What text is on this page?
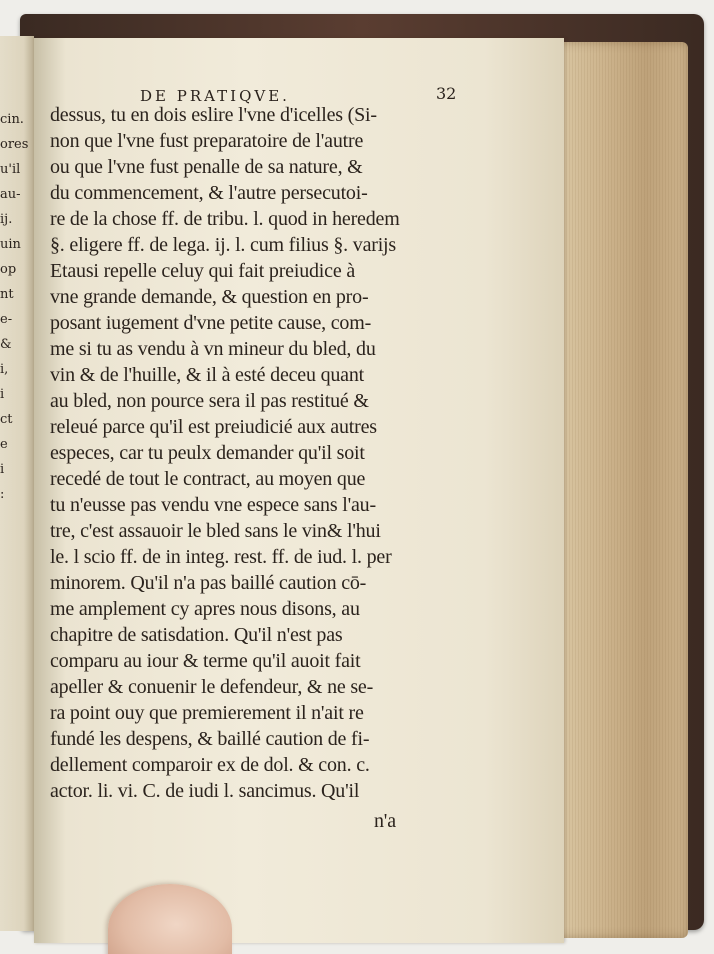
cin.
ores
u'il
au-
ij.
uin
op
nt
e-
&
i,
i
ct
e
i
:
DE PRATIQVE.	32
dessus, tu en dois eslire l'vne d'icelles (Si-
non que l'vne fust preparatoire de l'autre
ou que l'vne fust penalle de sa nature, &
du commencement, & l'autre persecutoi-
re de la chose ff. de tribu. l. quod in heredem
§. eligere ff. de lega. ij. l. cum filius §. varijs
Etausi repelle celuy qui fait preiudice à
vne grande demande, & question en pro-
posant iugement d'vne petite cause, com-
me si tu as vendu à vn mineur du bled, du
vin & de l'huille, & il à esté deceu quant
au bled, non pource sera il pas restitué &
releué parce qu'il est preiudicié aux autres
especes, car tu peulx demander qu'il soit
recedé de tout le contract, au moyen que
tu n'eusse pas vendu vne espece sans l'au-
tre, c'est assauoir le bled sans le vin& l'hui
le. l scio ff. de in integ. rest. ff. de iud. l. per
minorem. Qu'il n'a pas baillé caution cō-
me amplement cy apres nous disons, au
chapitre de satisdation. Qu'il n'est pas
comparu au iour & terme qu'il auoit fait
apeller & conuenir le defendeur, & ne se-
ra point ouy que premierement il n'ait re
fundé les despens, & baillé caution de fi-
dellement comparoir ex de dol. & con. c.
actor. li. vi. C. de iudi l. sancimus. Qu'il
n'a
